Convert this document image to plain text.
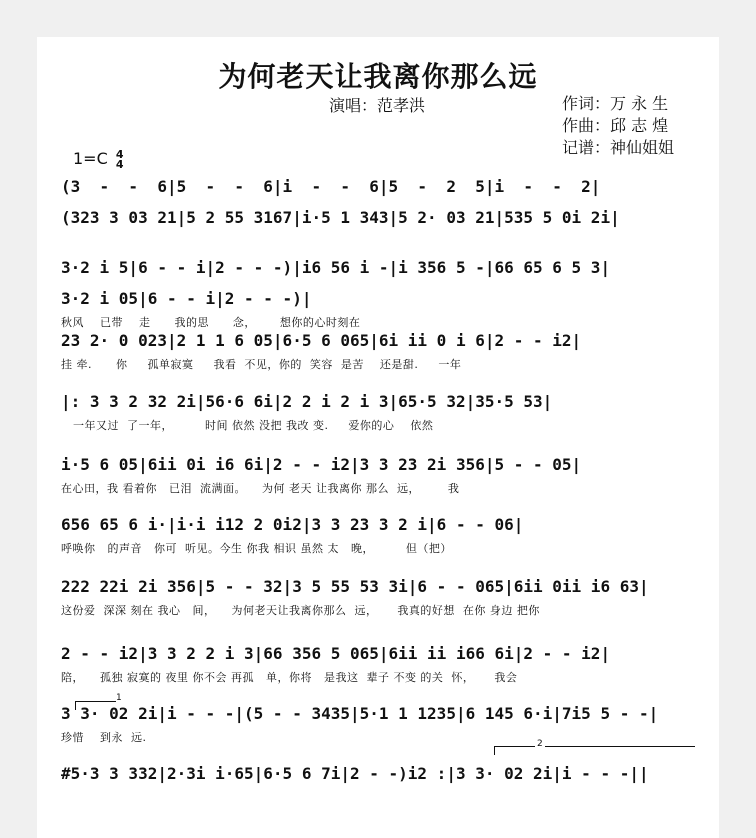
为何老天让我离你那么远
演唱：范孝洪	作词：万 永 生
作曲：邱 志 煌
记谱：神仙姐姐
1=C 4
4
1
2
(3  -  -  6|5  -  -  6|i  -  -  6|5  -  2  5|i  -  -  2|
(323 3 03 21|5 2 55 3167|i·5 1 343|5 2· 03 21|535 5 0i 2i|
3·2 i 5|6 - - i|2 - - -)|i6 56 i -|i 356 5 -|66 65 6 5 3|
3·2 i 05|6 - - i|2 - - -)|
秋风    已带    走      我的思      念，      想你的心时刻在
23 2· 0 023|2 1 1 6 05|6·5 6 065|6i ii 0 i 6|2 - - i2|
挂 牵.      你     孤单寂寞     我看  不见，你的  笑容  是苦    还是甜.     一年
|: 3 3 2 32 2i|56·6 6i|2 2 i 2 i 3|65·5 32|35·5 53|
一年又过  了一年，        时间 依然 没把 我改 变.     爱你的心    依然
i·5 6 05|6ii 0i i6 6i|2 - - i2|3 3 23 2i 356|5 - - 05|
在心田，我 看着你   已泪  流满面。    为何 老天 让我离你 那么  远，       我
656 65 6 i·|i·i i12 2 0i2|3 3 23 3 2 i|6 - - 06|
呼唤你   的声音   你可  听见。今生 你我 相识 虽然 太   晚，        但（把）
222 22i 2i 356|5 - - 32|3 5 55 53 3i|6 - - 065|6ii 0ii i6 63|
这份爱  深深 刻在 我心   间，    为何老天让我离你那么  远，     我真的好想  在你 身边 把你
2 - - i2|3 3 2 2 i 3|66 356 5 065|6ii ii i66 6i|2 - - i2|
陪，    孤独 寂寞的 夜里 你不会 再孤   单，你将   是我这  辈子 不变 的关  怀，     我会
3 3· 02 2i|i - - -|(5 - - 3435|5·1 1 1235|6 145 6·i|7i5 5 - -|
珍惜    到永  远.
#5·3 3 332|2·3i i·65|6·5 6 7i|2 - -)i2 :|3 3· 02 2i|i - - -||
